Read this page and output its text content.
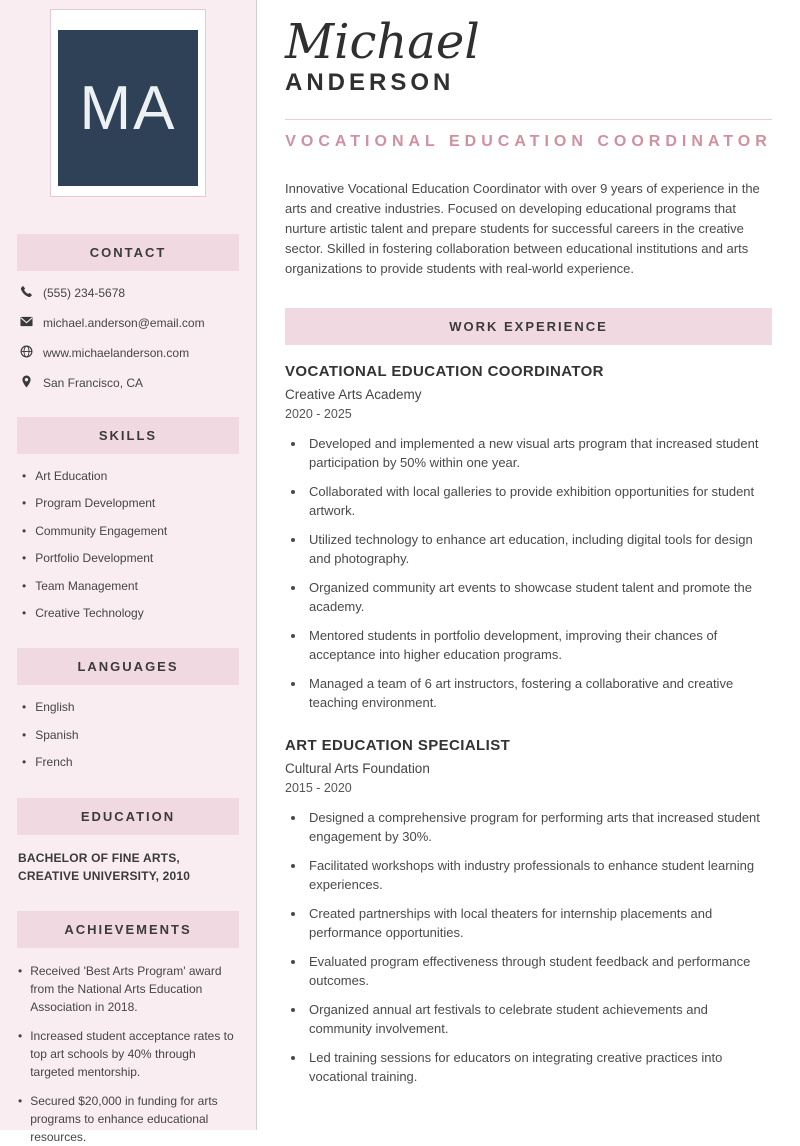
MA
CONTACT
(555) 234-5678
michael.anderson@email.com
www.michaelanderson.com
San Francisco, CA
SKILLS
• Art Education
• Program Development
• Community Engagement
• Portfolio Development
• Team Management
• Creative Technology
LANGUAGES
• English
• Spanish
• French
EDUCATION
BACHELOR OF FINE ARTS, CREATIVE UNIVERSITY, 2010
ACHIEVEMENTS
• Received 'Best Arts Program' award from the National Arts Education Association in 2018.
• Increased student acceptance rates to top art schools by 40% through targeted mentorship.
• Secured $20,000 in funding for arts programs to enhance educational resources.
Michael
ANDERSON
VOCATIONAL EDUCATION COORDINATOR

Innovative Vocational Education Coordinator with over 9 years of experience in the arts and creative industries. Focused on developing educational programs that nurture artistic talent and prepare students for successful careers in the creative sector. Skilled in fostering collaboration between educational institutions and arts organizations to provide students with real-world experience.

WORK EXPERIENCE
VOCATIONAL EDUCATION COORDINATOR
Creative Arts Academy
2020 - 2025
• Developed and implemented a new visual arts program that increased student participation by 50% within one year.
• Collaborated with local galleries to provide exhibition opportunities for student artwork.
• Utilized technology to enhance art education, including digital tools for design and photography.
• Organized community art events to showcase student talent and promote the academy.
• Mentored students in portfolio development, improving their chances of acceptance into higher education programs.
• Managed a team of 6 art instructors, fostering a collaborative and creative teaching environment.
ART EDUCATION SPECIALIST
Cultural Arts Foundation
2015 - 2020
• Designed a comprehensive program for performing arts that increased student engagement by 30%.
• Facilitated workshops with industry professionals to enhance student learning experiences.
• Created partnerships with local theaters for internship placements and performance opportunities.
• Evaluated program effectiveness through student feedback and performance outcomes.
• Organized annual art festivals to celebrate student achievements and community involvement.
• Led training sessions for educators on integrating creative practices into vocational training.
